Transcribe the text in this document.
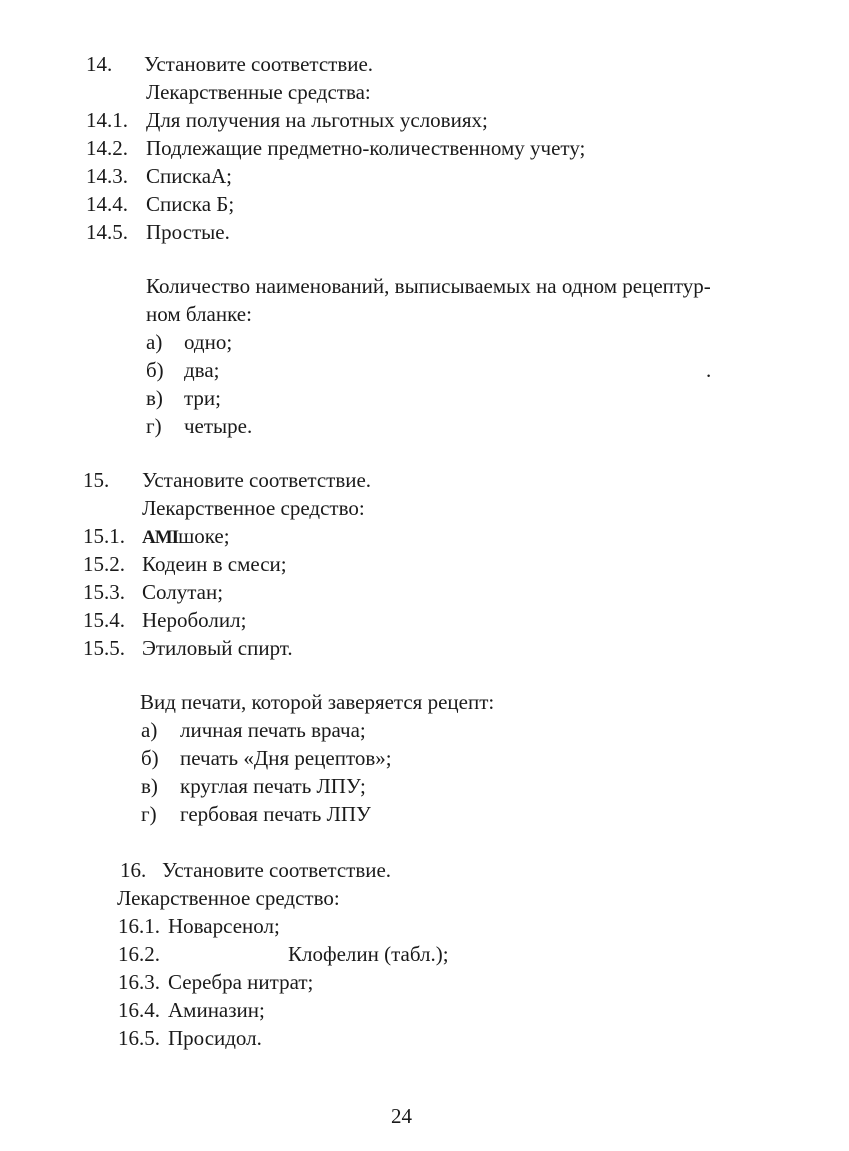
14. Установите соответствие.
Лекарственные средства:
14.1. Для получения на льготных условиях;
14.2. Подлежащие предметно-количественному учету;
14.3. СпискаА;
14.4. Списка Б;
14.5. Простые.
Количество наименований, выписываемых на одном рецептур-
ном бланке:
а) одно;
б) два;	.
в) три;
г) четыре.
15. Установите соответствие.
Лекарственное средство:
15.1. АМIшоке;
15.2. Кодеин в смеси;
15.3. Солутан;
15.4. Нероболил;
15.5. Этиловый спирт.
Вид печати, которой заверяется рецепт:
а) личная печать врача;
б) печать «Дня рецептов»;
в) круглая печать ЛПУ;
г) гербовая печать ЛПУ
16. Установите соответствие.
Лекарственное средство:
16.1. Новарсенол;
16.2.	Клофелин (табл.);
16.3. Серебра нитрат;
16.4. Аминазин;
16.5. Просидол.
24
